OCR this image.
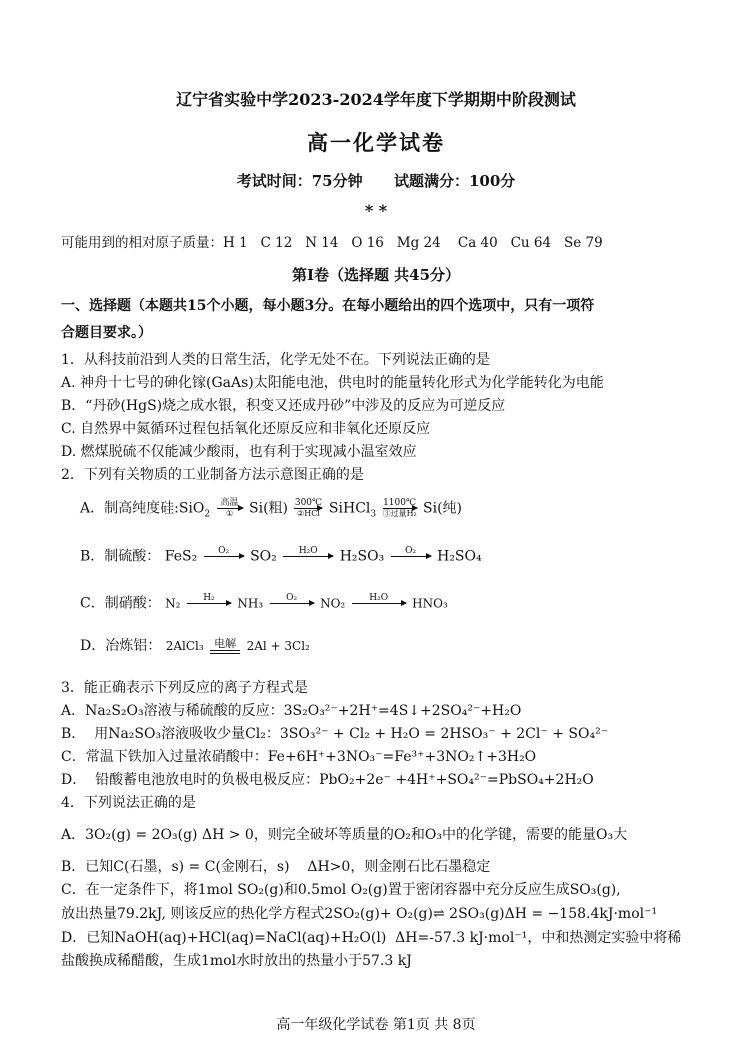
辽宁省实验中学2023-2024学年度下学期期中阶段测试
高一化学试卷
考试时间：75分钟      试题满分：100分
* *
可能用到的相对原子质量：H 1   C 12   N 14   O 16   Mg 24    Ca 40   Cu 64   Se 79
第Ⅰ卷（选择题 共45分）
一、选择题（本题共15个小题，每小题3分。在每小题给出的四个选项中，只有一项符
合题目要求。）
1．从科技前沿到人类的日常生活，化学无处不在。下列说法正确的是
A. 神舟十七号的砷化镓(GaAs)太阳能电池，供电时的能量转化形式为化学能转化为电能
B．“丹砂(HgS)烧之成水银，积变又还成丹砂”中涉及的反应为可逆反应
C. 自然界中氮循环过程包括氧化还原反应和非氧化还原反应
D. 燃煤脱硫不仅能减少酸雨，也有利于实现减小温室效应
2．下列有关物质的工业制备方法示意图正确的是
A．制高纯度硅:SiO$_2$
高温
①	Si(粗) 300℃
②HCl SiHCl$_3$
1100℃
③过量H₂ Si(纯)
B．制硫酸： FeS₂	O₂
	SO₂	H₂O
	H₂SO₃	O₂
	H₂SO₄
C．制硝酸： N₂	H₂
	NH₃	O₂
	NO₂	H₂O
	HNO₃
D．冶炼铝： 2AlCl₃ 电解 2Al + 3Cl₂
3．能正确表示下列反应的离子方程式是
A．Na₂S₂O₃溶液与稀硫酸的反应：3S₂O₃²⁻+2H⁺=4S↓+2SO₄²⁻+H₂O
B．  用Na₂SO₃溶液吸收少量Cl₂：3SO₃²⁻ + Cl₂ + H₂O = 2HSO₃⁻ + 2Cl⁻ + SO₄²⁻
C．常温下铁加入过量浓硝酸中：Fe+6H⁺+3NO₃⁻=Fe³⁺+3NO₂↑+3H₂O
D．  铅酸蓄电池放电时的负极电极反应：PbO₂+2e⁻ +4H⁺+SO₄²⁻=PbSO₄+2H₂O
4．下列说法正确的是
A．3O₂(g) = 2O₃(g) ΔH > 0，则完全破坏等质量的O₂和O₃中的化学键，需要的能量O₃大
B．已知C(石墨，s) = C(金刚石，s)    ΔH>0，则金刚石比石墨稳定
C．在一定条件下，将1mol SO₂(g)和0.5mol O₂(g)置于密闭容器中充分反应生成SO₃(g),
放出热量79.2kJ, 则该反应的热化学方程式2SO₂(g)+ O₂(g)⇌ 2SO₃(g)ΔH = −158.4kJ·mol⁻¹
D．已知NaOH(aq)+HCl(aq)=NaCl(aq)+H₂O(l)  ΔH=-57.3 kJ·mol⁻¹，中和热测定实验中将稀
盐酸换成稀醋酸，生成1mol水时放出的热量小于57.3 kJ
高一年级化学试卷 第1页 共 8页
